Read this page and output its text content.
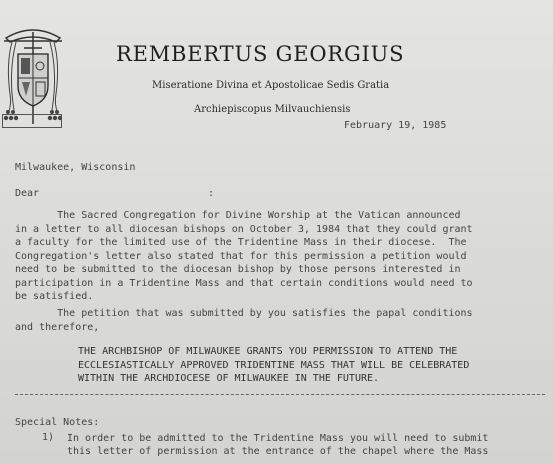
REMBERTUS GEORGIUS
Miseratione Divina et Apostolicae Sedis Gratia
Archiepiscopus Milvauchiensis
February 19, 1985
Milwaukee, Wisconsin
Dear	:
The Sacred Congregation for Divine Worship at the Vatican announced
in a letter to all diocesan bishops on October 3, 1984 that they could grant
a faculty for the limited use of the Tridentine Mass in their diocese.  The
Congregation's letter also stated that for this permission a petition would
need to be submitted to the diocesan bishop by those persons interested in
participation in a Tridentine Mass and that certain conditions would need to
be satisfied.
The petition that was submitted by you satisfies the papal conditions
and therefore,
THE ARCHBISHOP OF MILWAUKEE GRANTS YOU PERMISSION TO ATTEND THE
ECCLESIASTICALLY APPROVED TRIDENTINE MASS THAT WILL BE CELEBRATED
WITHIN THE ARCHDIOCESE OF MILWAUKEE IN THE FUTURE.
Special Notes:
1) In order to be admitted to the Tridentine Mass you will need to submit
this letter of permission at the entrance of the chapel where the Mass
